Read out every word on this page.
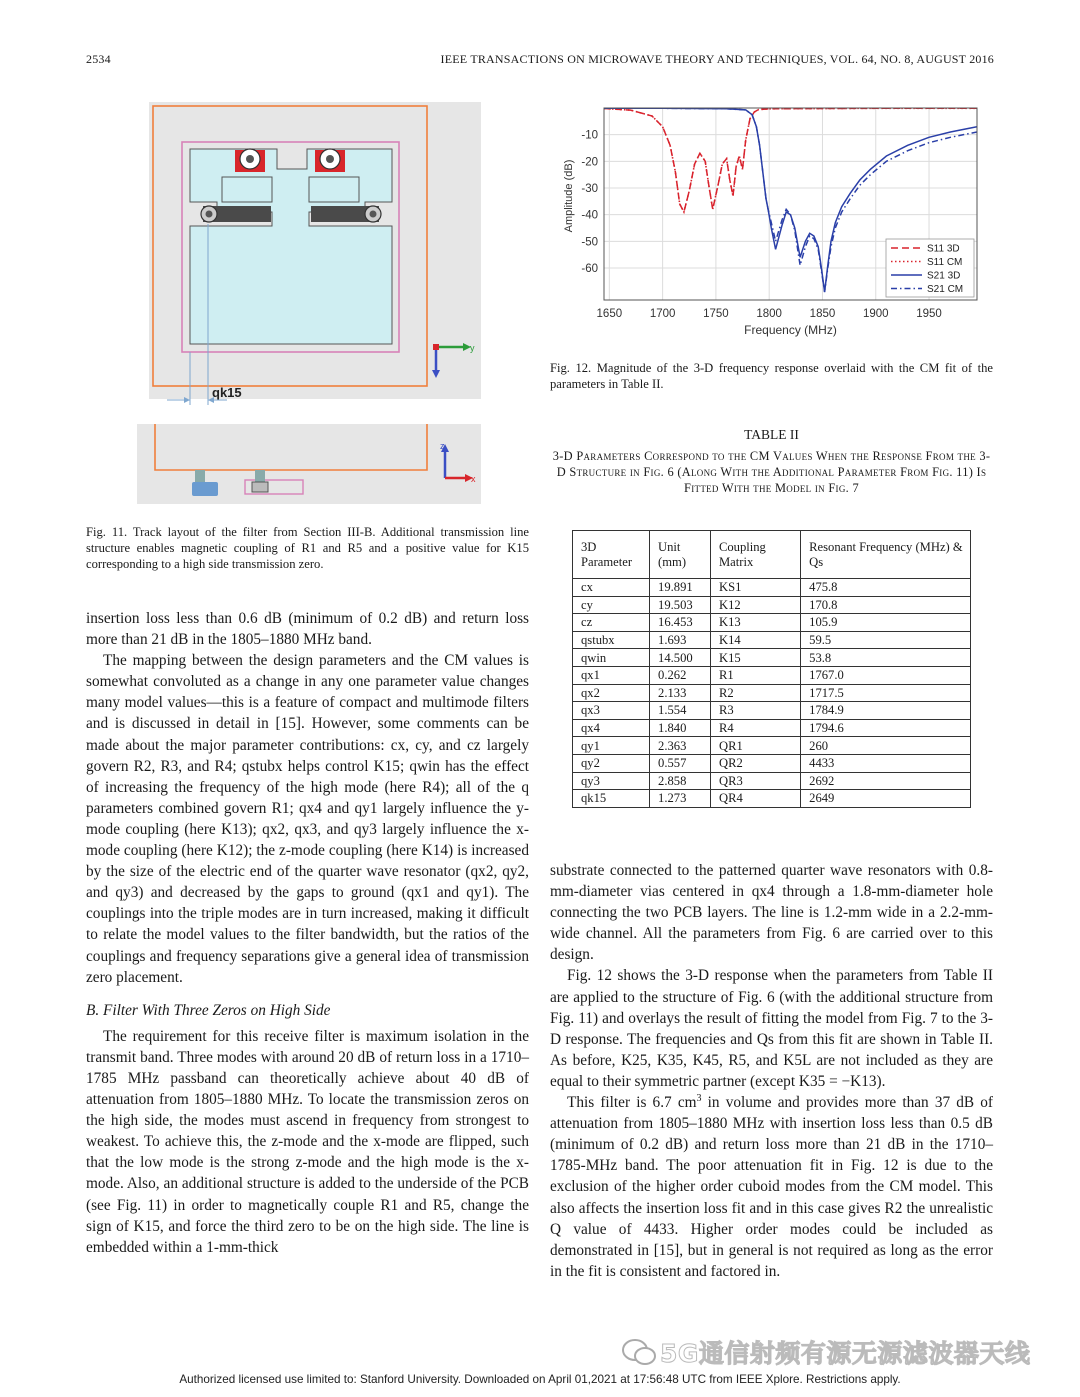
2534	IEEE TRANSACTIONS ON MICROWAVE THEORY AND TECHNIQUES, VOL. 64, NO. 8, AUGUST 2016
qk15
y
z
x
Fig. 11. Track layout of the filter from Section III-B. Additional transmission line structure enables magnetic coupling of R1 and R5 and a positive value for K15 corresponding to a high side transmission zero.
1650 1700 1750 1800 1850 1900 1950
-10
-20
-30
-40
-50
-60
Frequency (MHz)
Amplitude (dB)
S11 3D
S11 CM
S21 3D
S21 CM
Fig. 12. Magnitude of the 3-D frequency response overlaid with the CM fit of the parameters in Table II.
TABLE II
3-D Parameters Correspond to the CM Values When the Response From the 3-D Structure in Fig. 6 (Along With the Additional Parameter From Fig. 11) Is Fitted With the Model in Fig. 7
3D Parameter	Unit (mm)	Coupling Matrix	Resonant Frequency (MHz) & Qs
cx	19.891	KS1	475.8
cy	19.503	K12	170.8
cz	16.453	K13	105.9
qstubx	1.693	K14	59.5
qwin	14.500	K15	53.8
qx1	0.262	R1	1767.0
qx2	2.133	R2	1717.5
qx3	1.554	R3	1784.9
qx4	1.840	R4	1794.6
qy1	2.363	QR1	260
qy2	0.557	QR2	4433
qy3	2.858	QR3	2692
qk15	1.273	QR4	2649

insertion loss less than 0.6 dB (minimum of 0.2 dB) and return loss more than 21 dB in the 1805–1880 MHz band.

The mapping between the design parameters and the CM values is somewhat convoluted as a change in any one parameter value changes many model values—this is a feature of compact and multimode filters and is discussed in detail in [15]. However, some comments can be made about the major parameter contributions: cx, cy, and cz largely govern R2, R3, and R4; qstubx helps control K15; qwin has the effect of increasing the frequency of the high mode (here R4); all of the q parameters combined govern R1; qx4 and qy1 largely influence the y-mode coupling (here K13); qx2, qx3, and qy3 largely influence the x-mode coupling (here K12); the z-mode coupling (here K14) is increased by the size of the electric end of the quarter wave resonator (qx2, qy2, and qy3) and decreased by the gaps to ground (qx1 and qy1). The couplings into the triple modes are in turn increased, making it difficult to relate the model values to the filter bandwidth, but the ratios of the couplings and frequency separations give a general idea of transmission zero placement.

B. Filter With Three Zeros on High Side

The requirement for this receive filter is maximum isolation in the transmit band. Three modes with around 20 dB of return loss in a 1710–1785 MHz passband can theoretically achieve about 40 dB of attenuation from 1805–1880 MHz. To locate the transmission zeros on the high side, the modes must ascend in frequency from strongest to weakest. To achieve this, the z-mode and the x-mode are flipped, such that the low mode is the strong z-mode and the high mode is the x-mode. Also, an additional structure is added to the underside of the PCB (see Fig. 11) in order to magnetically couple R1 and R5, change the sign of K15, and force the third zero to be on the high side. The line is embedded within a 1-mm-thick

substrate connected to the patterned quarter wave resonators with 0.8-mm-diameter vias centered in qx4 through a 1.8-mm-diameter hole connecting the two PCB layers. The line is 1.2-mm wide in a 2.2-mm-wide channel. All the parameters from Fig. 6 are carried over to this design.

Fig. 12 shows the 3-D response when the parameters from Table II are applied to the structure of Fig. 6 (with the additional structure from Fig. 11) and overlays the result of fitting the model from Fig. 7 to the 3-D response. The frequencies and Qs from this fit are shown in Table II. As before, K25, K35, K45, R5, and K5L are not included as they are equal to their symmetric partner (except K35 = −K13).

This filter is 6.7 $cm^3$ in volume and provides more than 37 dB of attenuation from 1805–1880 MHz with insertion loss less than 0.5 dB (minimum of 0.2 dB) and return loss more than 21 dB in the 1710–1785-MHz band. The poor attenuation fit in Fig. 12 is due to the exclusion of the higher order cuboid modes from the CM model. This also affects the insertion loss fit and in this case gives R2 the unrealistic Q value of 4433. Higher order modes could be included as demonstrated in [15], but in general is not required as long as the error in the fit is consistent and factored in.

5G通信射频有源无源滤波器天线
Authorized licensed use limited to: Stanford University. Downloaded on April 01,2021 at 17:56:48 UTC from IEEE Xplore. Restrictions apply.
